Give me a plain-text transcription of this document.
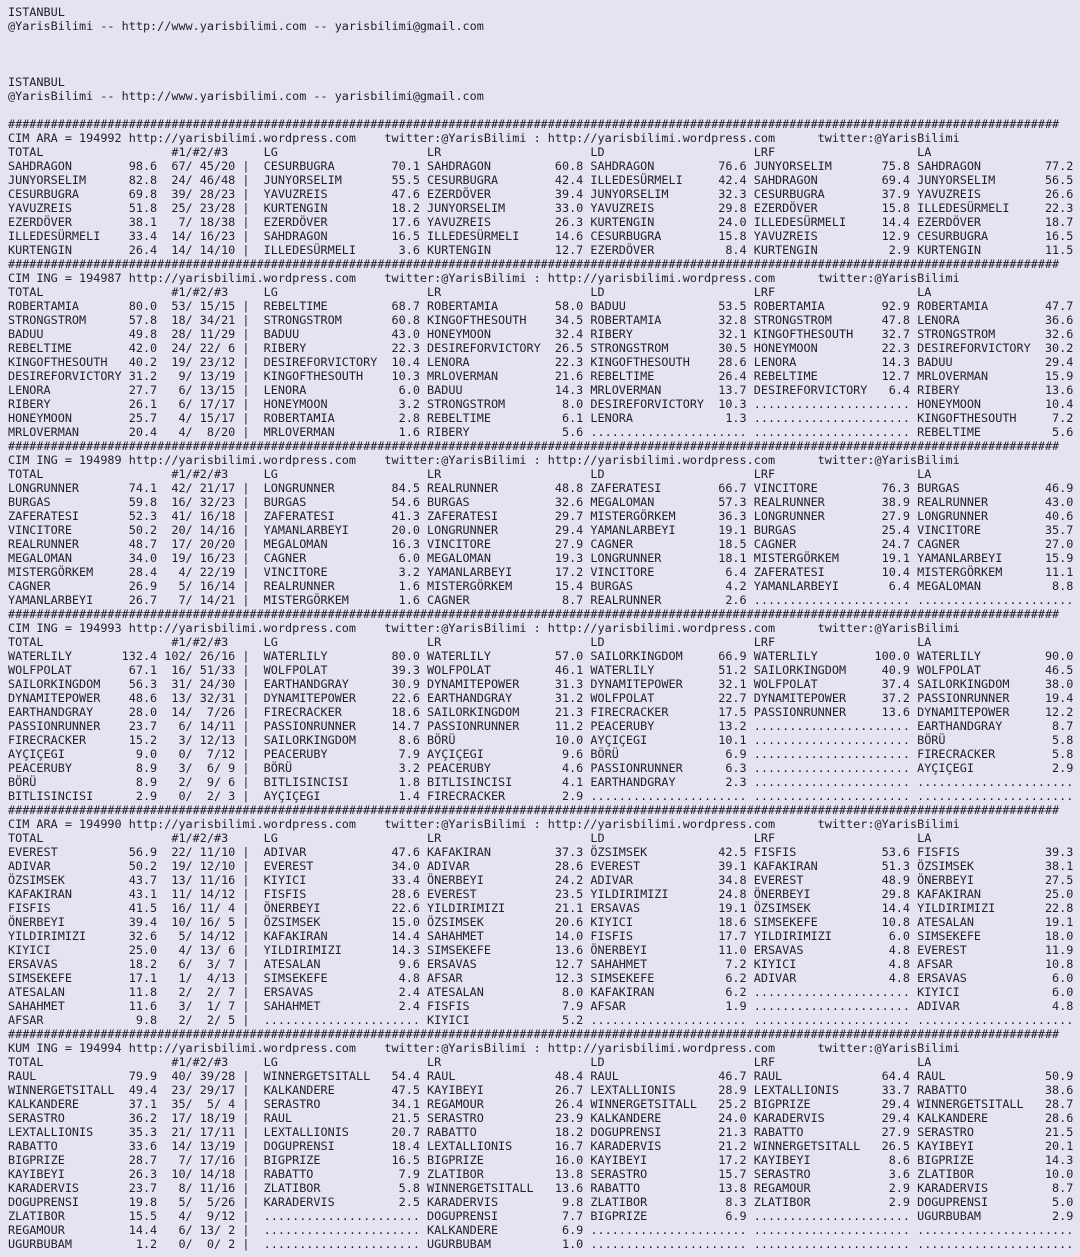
ISTANBUL
@YarisBilimi -- http://www.yarisbilimi.com -- yarisbilimi@gmail.com
ISTANBUL
@YarisBilimi -- http://www.yarisbilimi.com -- yarisbilimi@gmail.com
####################################################################################################################################################
CIM ARA = 194992 http://yarisbilimi.wordpress.com    twitter:@YarisBilimi : http://yarisbilimi.wordpress.com      twitter:@YarisBilimi
TOTAL                  #1/#2/#3     LG                     LR                     LD                     LRF                    LA
SAHDRAGON        98.6  67/ 45/20 |  CESURBUGRA        70.1 SAHDRAGON         60.8 SAHDRAGON         76.6 JUNYORSELIM       75.8 SAHDRAGON         77.2
JUNYORSELIM      82.8  24/ 46/48 |  JUNYORSELIM       55.5 CESURBUGRA        42.4 ILLEDESÜRMELI     42.4 SAHDRAGON         69.4 JUNYORSELIM       56.5
CESURBUGRA       69.8  39/ 28/23 |  YAVUZREIS         47.6 EZERDÖVER         39.4 JUNYORSELIM       32.3 CESURBUGRA        37.9 YAVUZREIS         26.6
YAVUZREIS        51.8  25/ 23/28 |  KURTENGIN         18.2 JUNYORSELIM       33.0 YAVUZREIS         29.8 EZERDÖVER         15.8 ILLEDESÜRMELI     22.3
EZERDÖVER        38.1   7/ 18/38 |  EZERDÖVER         17.6 YAVUZREIS         26.3 KURTENGIN         24.0 ILLEDESÜRMELI     14.4 EZERDÖVER         18.7
ILLEDESÜRMELI    33.4  14/ 16/23 |  SAHDRAGON         16.5 ILLEDESÜRMELI     14.6 CESURBUGRA        15.8 YAVUZREIS         12.9 CESURBUGRA        16.5
KURTENGIN        26.4  14/ 14/10 |  ILLEDESÜRMELI      3.6 KURTENGIN         12.7 EZERDÖVER          8.4 KURTENGIN          2.9 KURTENGIN         11.5
####################################################################################################################################################
CIM ING = 194987 http://yarisbilimi.wordpress.com    twitter:@YarisBilimi : http://yarisbilimi.wordpress.com      twitter:@YarisBilimi
TOTAL                  #1/#2/#3     LG                     LR                     LD                     LRF                    LA
ROBERTAMIA       80.0  53/ 15/15 |  REBELTIME         68.7 ROBERTAMIA        58.0 BADUU             53.5 ROBERTAMIA        92.9 ROBERTAMIA        47.7
STRONGSTROM      57.8  18/ 34/21 |  STRONGSTROM       60.8 KINGOFTHESOUTH    34.5 ROBERTAMIA        32.8 STRONGSTROM       47.8 LENORA            36.6
BADUU            49.8  28/ 11/29 |  BADUU             43.0 HONEYMOON         32.4 RIBERY            32.1 KINGOFTHESOUTH    32.7 STRONGSTROM       32.6
REBELTIME        42.0  24/ 22/ 6 |  RIBERY            22.3 DESIREFORVICTORY  26.5 STRONGSTROM       30.5 HONEYMOON         22.3 DESIREFORVICTORY  30.2
KINGOFTHESOUTH   40.2  19/ 23/12 |  DESIREFORVICTORY  10.4 LENORA            22.3 KINGOFTHESOUTH    28.6 LENORA            14.3 BADUU             29.4
DESIREFORVICTORY 31.2   9/ 13/19 |  KINGOFTHESOUTH    10.3 MRLOVERMAN        21.6 REBELTIME         26.4 REBELTIME         12.7 MRLOVERMAN        15.9
LENORA           27.7   6/ 13/15 |  LENORA             6.0 BADUU             14.3 MRLOVERMAN        13.7 DESIREFORVICTORY   6.4 RIBERY            13.6
RIBERY           26.1   6/ 17/17 |  HONEYMOON          3.2 STRONGSTROM        8.0 DESIREFORVICTORY  10.3 ...................... HONEYMOON         10.4
HONEYMOON        25.7   4/ 15/17 |  ROBERTAMIA         2.8 REBELTIME          6.1 LENORA             1.3 ...................... KINGOFTHESOUTH     7.2
MRLOVERMAN       20.4   4/  8/20 |  MRLOVERMAN         1.6 RIBERY             5.6 ...................... ...................... REBELTIME          5.6
####################################################################################################################################################
CIM ING = 194989 http://yarisbilimi.wordpress.com    twitter:@YarisBilimi : http://yarisbilimi.wordpress.com      twitter:@YarisBilimi
TOTAL                  #1/#2/#3     LG                     LR                     LD                     LRF                    LA
LONGRUNNER       74.1  42/ 21/17 |  LONGRUNNER        84.5 REALRUNNER        48.8 ZAFERATESI        66.7 VINCITORE         76.3 BURGAS            46.9
BURGAS           59.8  16/ 32/23 |  BURGAS            54.6 BURGAS            32.6 MEGALOMAN         57.3 REALRUNNER        38.9 REALRUNNER        43.0
ZAFERATESI       52.3  41/ 16/18 |  ZAFERATESI        41.3 ZAFERATESI        29.7 MISTERGÖRKEM      36.3 LONGRUNNER        27.9 LONGRUNNER        40.6
VINCITORE        50.2  20/ 14/16 |  YAMANLARBEYI      20.0 LONGRUNNER        29.4 YAMANLARBEYI      19.1 BURGAS            25.4 VINCITORE         35.7
REALRUNNER       48.7  17/ 20/20 |  MEGALOMAN         16.3 VINCITORE         27.9 CAGNER            18.5 CAGNER            24.7 CAGNER            27.0
MEGALOMAN        34.0  19/ 16/23 |  CAGNER             6.0 MEGALOMAN         19.3 LONGRUNNER        18.1 MISTERGÖRKEM      19.1 YAMANLARBEYI      15.9
MISTERGÖRKEM     28.4   4/ 22/19 |  VINCITORE          3.2 YAMANLARBEYI      17.2 VINCITORE          6.4 ZAFERATESI        10.4 MISTERGÖRKEM      11.1
CAGNER           26.9   5/ 16/14 |  REALRUNNER         1.6 MISTERGÖRKEM      15.4 BURGAS             4.2 YAMANLARBEYI       6.4 MEGALOMAN          8.8
YAMANLARBEYI     26.7   7/ 14/21 |  MISTERGÖRKEM       1.6 CAGNER             8.7 REALRUNNER         2.6 ...................... ......................
####################################################################################################################################################
CIM ING = 194993 http://yarisbilimi.wordpress.com    twitter:@YarisBilimi : http://yarisbilimi.wordpress.com      twitter:@YarisBilimi
TOTAL                  #1/#2/#3     LG                     LR                     LD                     LRF                    LA
WATERLILY       132.4 102/ 26/16 |  WATERLILY         80.0 WATERLILY         57.0 SAILORKINGDOM     66.9 WATERLILY        100.0 WATERLILY         90.0
WOLFPOLAT        67.1  16/ 51/33 |  WOLFPOLAT         39.3 WOLFPOLAT         46.1 WATERLILY         51.2 SAILORKINGDOM     40.9 WOLFPOLAT         46.5
SAILORKINGDOM    56.3  31/ 24/30 |  EARTHANDGRAY      30.9 DYNAMITEPOWER     31.3 DYNAMITEPOWER     32.1 WOLFPOLAT         37.4 SAILORKINGDOM     38.0
DYNAMITEPOWER    48.6  13/ 32/31 |  DYNAMITEPOWER     22.6 EARTHANDGRAY      31.2 WOLFPOLAT         22.7 DYNAMITEPOWER     37.2 PASSIONRUNNER     19.4
EARTHANDGRAY     28.0  14/  7/26 |  FIRECRACKER       18.6 SAILORKINGDOM     21.3 FIRECRACKER       17.5 PASSIONRUNNER     13.6 DYNAMITEPOWER     12.2
PASSIONRUNNER    23.7   6/ 14/11 |  PASSIONRUNNER     14.7 PASSIONRUNNER     11.2 PEACERUBY         13.2 ...................... EARTHANDGRAY       8.7
FIRECRACKER      15.2   3/ 12/13 |  SAILORKINGDOM      8.6 BÖRÜ              10.0 AYÇIÇEGI          10.1 ...................... BÖRÜ               5.8
AYÇIÇEGI          9.0   0/  7/12 |  PEACERUBY          7.9 AYÇIÇEGI           9.6 BÖRÜ               6.9 ...................... FIRECRACKER        5.8
PEACERUBY         8.9   3/  6/ 9 |  BÖRÜ               3.2 PEACERUBY          4.6 PASSIONRUNNER      6.3 ...................... AYÇIÇEGI           2.9
BÖRÜ              8.9   2/  9/ 6 |  BITLISINCISI       1.8 BITLISINCISI       4.1 EARTHANDGRAY       2.3 ...................... ......................
BITLISINCISI      2.9   0/  2/ 3 |  AYÇIÇEGI           1.4 FIRECRACKER        2.9 ...................... ...................... ......................
####################################################################################################################################################
CIM ARA = 194990 http://yarisbilimi.wordpress.com    twitter:@YarisBilimi : http://yarisbilimi.wordpress.com      twitter:@YarisBilimi
TOTAL                  #1/#2/#3     LG                     LR                     LD                     LRF                    LA
EVEREST          56.9  22/ 11/10 |  ADIVAR            47.6 KAFAKIRAN         37.3 ÖZSIMSEK          42.5 FISFIS            53.6 FISFIS            39.3
ADIVAR           50.2  19/ 12/10 |  EVEREST           34.0 ADIVAR            28.6 EVEREST           39.1 KAFAKIRAN         51.3 ÖZSIMSEK          38.1
ÖZSIMSEK         43.7  13/ 11/16 |  KIYICI            33.4 ÖNERBEYI          24.2 ADIVAR            34.8 EVEREST           48.9 ÖNERBEYI          27.5
KAFAKIRAN        43.1  11/ 14/12 |  FISFIS            28.6 EVEREST           23.5 YILDIRIMIZI       24.8 ÖNERBEYI          29.8 KAFAKIRAN         25.0
FISFIS           41.5  16/ 11/ 4 |  ÖNERBEYI          22.6 YILDIRIMIZI       21.1 ERSAVAS           19.1 ÖZSIMSEK          14.4 YILDIRIMIZI       22.8
ÖNERBEYI         39.4  10/ 16/ 5 |  ÖZSIMSEK          15.0 ÖZSIMSEK          20.6 KIYICI            18.6 SIMSEKEFE         10.8 ATESALAN          19.1
YILDIRIMIZI      32.6   5/ 14/12 |  KAFAKIRAN         14.4 SAHAHMET          14.0 FISFIS            17.7 YILDIRIMIZI        6.0 SIMSEKEFE         18.0
KIYICI           25.0   4/ 13/ 6 |  YILDIRIMIZI       14.3 SIMSEKEFE         13.6 ÖNERBEYI          11.0 ERSAVAS            4.8 EVEREST           11.9
ERSAVAS          18.2   6/  3/ 7 |  ATESALAN           9.6 ERSAVAS           12.7 SAHAHMET           7.2 KIYICI             4.8 AFSAR             10.8
SIMSEKEFE        17.1   1/  4/13 |  SIMSEKEFE          4.8 AFSAR             12.3 SIMSEKEFE          6.2 ADIVAR             4.8 ERSAVAS            6.0
ATESALAN         11.8   2/  2/ 7 |  ERSAVAS            2.4 ATESALAN           8.0 KAFAKIRAN          6.2 ...................... KIYICI             6.0
SAHAHMET         11.6   3/  1/ 7 |  SAHAHMET           2.4 FISFIS             7.9 AFSAR              1.9 ...................... ADIVAR             4.8
AFSAR             9.8   2/  2/ 5 |  ...................... KIYICI             5.2 ...................... ...................... ......................
####################################################################################################################################################
KUM ING = 194994 http://yarisbilimi.wordpress.com    twitter:@YarisBilimi : http://yarisbilimi.wordpress.com      twitter:@YarisBilimi
TOTAL                  #1/#2/#3     LG                     LR                     LD                     LRF                    LA
RAUL             79.9  40/ 39/28 |  WINNERGETSITALL   54.4 RAUL              48.4 RAUL              46.7 RAUL              64.4 RAUL              50.9
WINNERGETSITALL  49.4  23/ 29/17 |  KALKANDERE        47.5 KAYIBEYI          26.7 LEXTALLIONIS      28.9 LEXTALLIONIS      33.7 RABATTO           38.6
KALKANDERE       37.1  35/  5/ 4 |  SERASTRO          34.1 REGAMOUR          26.4 WINNERGETSITALL   25.2 BIGPRIZE          29.4 WINNERGETSITALL   28.7
SERASTRO         36.2  17/ 18/19 |  RAUL              21.5 SERASTRO          23.9 KALKANDERE        24.0 KARADERVIS        29.4 KALKANDERE        28.6
LEXTALLIONIS     35.3  21/ 17/11 |  LEXTALLIONIS      20.7 RABATTO           18.2 DOGUPRENSI        21.3 RABATTO           27.9 SERASTRO          21.5
RABATTO          33.6  14/ 13/19 |  DOGUPRENSI        18.4 LEXTALLIONIS      16.7 KARADERVIS        21.2 WINNERGETSITALL   26.5 KAYIBEYI          20.1
BIGPRIZE         28.7   7/ 17/16 |  BIGPRIZE          16.5 BIGPRIZE          16.0 KAYIBEYI          17.2 KAYIBEYI           8.6 BIGPRIZE          14.3
KAYIBEYI         26.3  10/ 14/18 |  RABATTO            7.9 ZLATIBOR          13.8 SERASTRO          15.7 SERASTRO           3.6 ZLATIBOR          10.0
KARADERVIS       23.7   8/ 11/16 |  ZLATIBOR           5.8 WINNERGETSITALL   13.6 RABATTO           13.8 REGAMOUR           2.9 KARADERVIS         8.7
DOGUPRENSI       19.8   5/  5/26 |  KARADERVIS         2.5 KARADERVIS         9.8 ZLATIBOR           8.3 ZLATIBOR           2.9 DOGUPRENSI         5.0
ZLATIBOR         15.5   4/  9/12 |  ...................... DOGUPRENSI         7.7 BIGPRIZE           6.9 ...................... UGURBUBAM          2.9
REGAMOUR         14.4   6/ 13/ 2 |  ...................... KALKANDERE         6.9 ...................... ...................... ......................
UGURBUBAM         1.2   0/  0/ 2 |  ...................... UGURBUBAM          1.0 ...................... ...................... ......................
